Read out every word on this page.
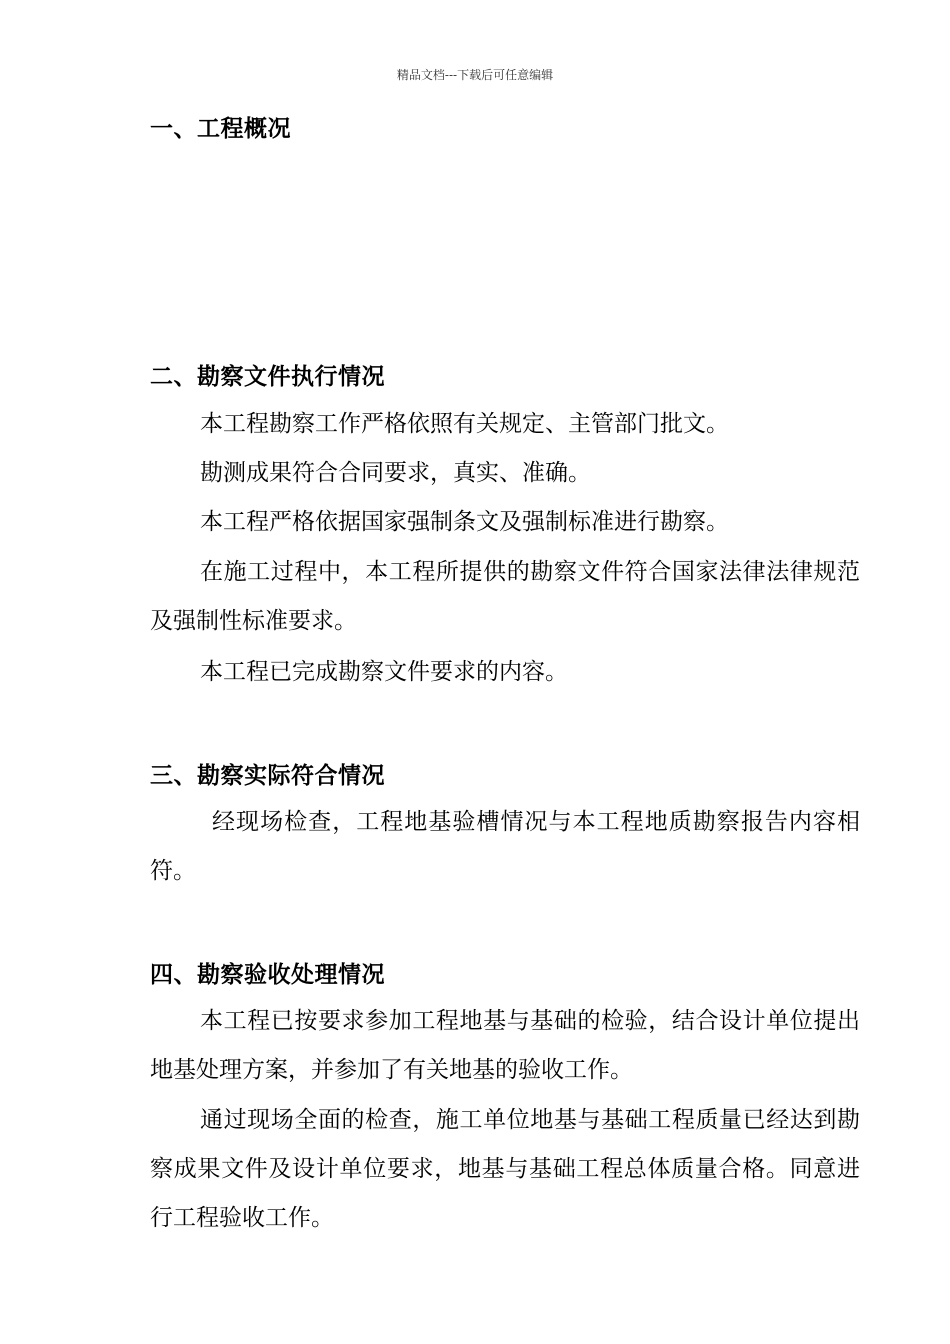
精品文档---下载后可任意编辑
一、工程概况
二、勘察文件执行情况
本工程勘察工作严格依照有关规定、主管部门批文。
勘测成果符合合同要求，真实、准确。
本工程严格依据国家强制条文及强制标准进行勘察。
在施工过程中，本工程所提供的勘察文件符合国家法律法律规范及强制性标准要求。
本工程已完成勘察文件要求的内容。
三、勘察实际符合情况
经现场检查，工程地基验槽情况与本工程地质勘察报告内容相符。
四、勘察验收处理情况
本工程已按要求参加工程地基与基础的检验，结合设计单位提出地基处理方案，并参加了有关地基的验收工作。
通过现场全面的检查，施工单位地基与基础工程质量已经达到勘察成果文件及设计单位要求，地基与基础工程总体质量合格。同意进行工程验收工作。
